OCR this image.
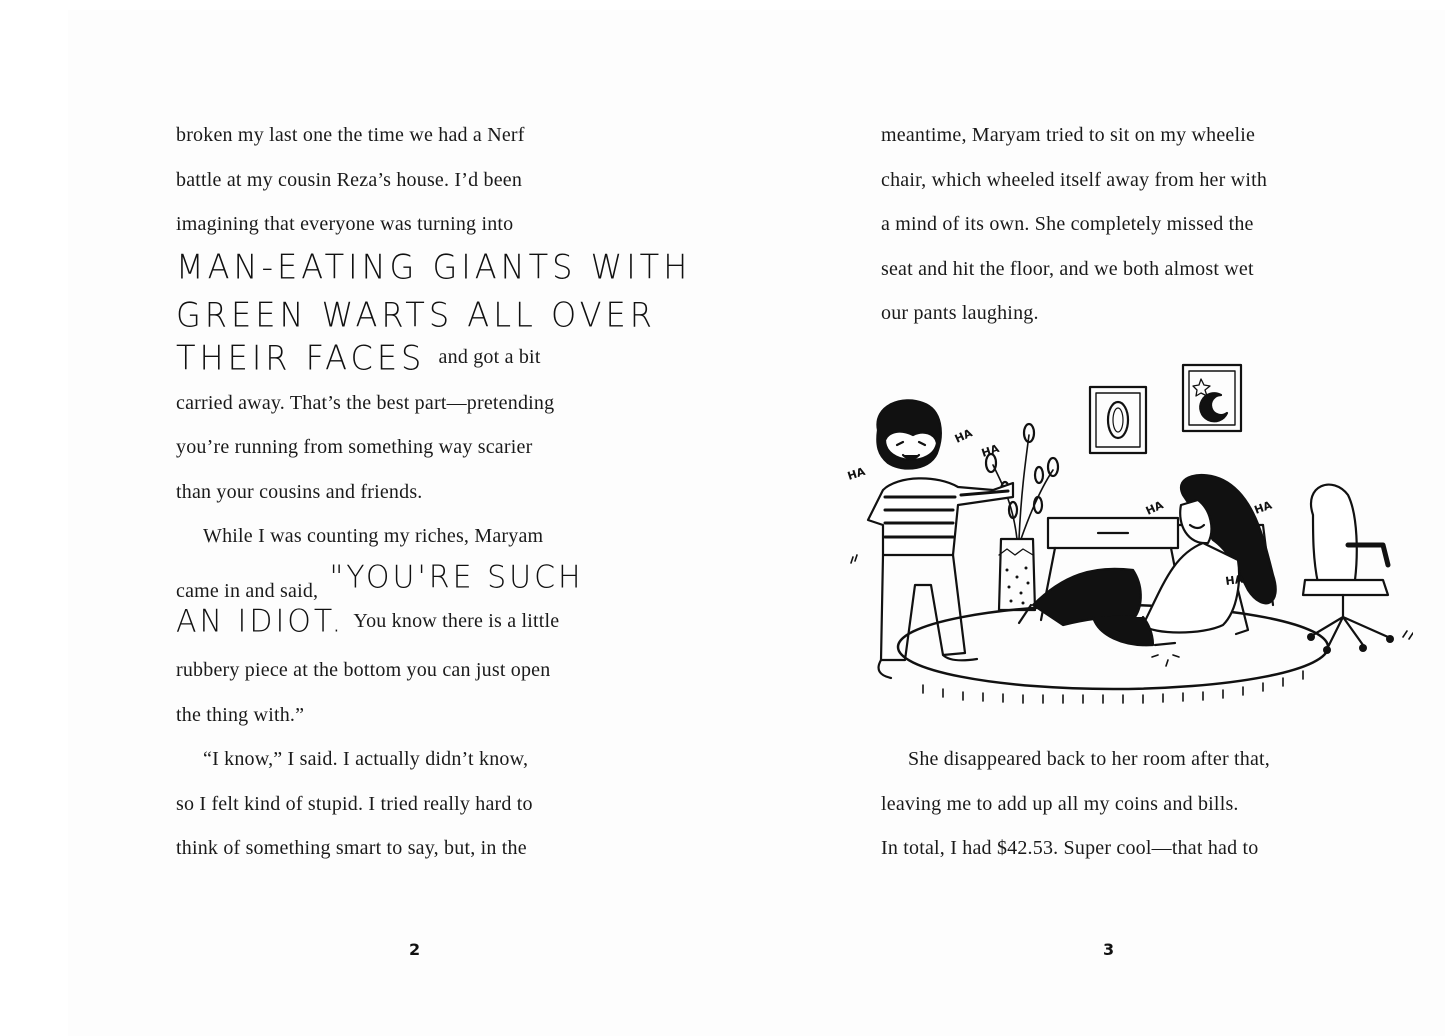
broken my last one the time we had a Nerf
battle at my cousin Reza’s house. I’d been
imagining that everyone was turning into
MAN-EATING GIANTS WITH
GREEN WARTS ALL OVER
THEIR FACES and got a bit
carried away. That’s the best part—pretending
you’re running from something way scarier
than your cousins and friends.
While I was counting my riches, Maryam
came in and said, "YOU'RE SUCH
AN IDIOT. You know there is a little
rubbery piece at the bottom you can just open
the thing with.”
“I know,” I said. I actually didn’t know,
so I felt kind of stupid. I tried really hard to
think of something smart to say, but, in the
2
meantime, Maryam tried to sit on my wheelie
chair, which wheeled itself away from her with
a mind of its own. She completely missed the
seat and hit the floor, and we both almost wet
our pants laughing.
HA
HA
HA
HA	HA
HA
She disappeared back to her room after that,
leaving me to add up all my coins and bills.
In total, I had $42.53. Super cool—that had to
3
